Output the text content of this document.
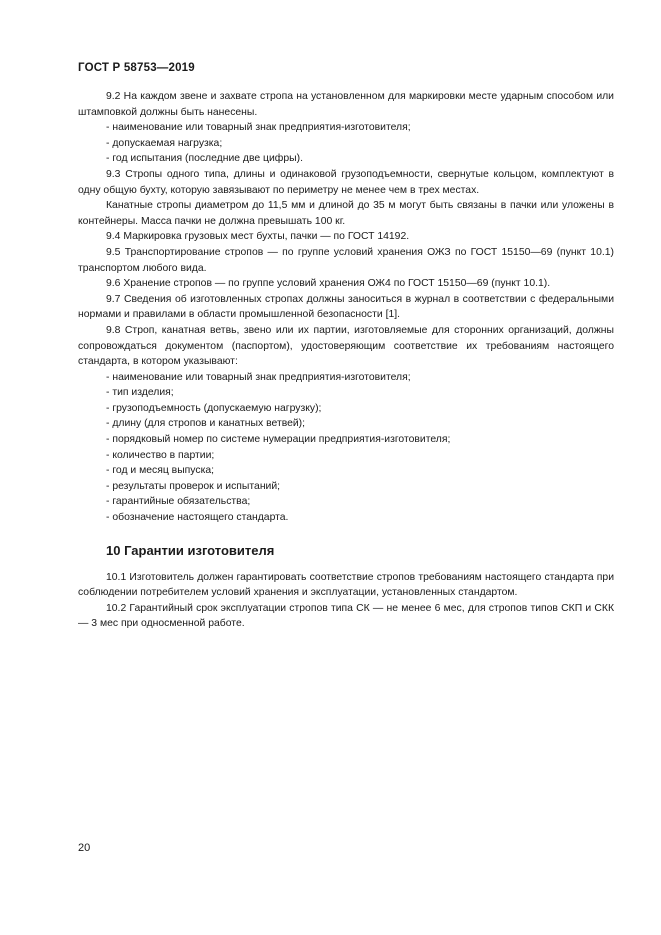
ГОСТ Р 58753—2019

9.2 На каждом звене и захвате стропа на установленном для маркировки месте ударным способом или штамповкой должны быть нанесены.

- наименование или товарный знак предприятия-изготовителя;

- допускаемая нагрузка;

- год испытания (последние две цифры).

9.3 Стропы одного типа, длины и одинаковой грузоподъемности, свернутые кольцом, комплектуют в одну общую бухту, которую завязывают по периметру не менее чем в трех местах.

Канатные стропы диаметром до 11,5 мм и длиной до 35 м могут быть связаны в пачки или уложены в контейнеры. Масса пачки не должна превышать 100 кг.

9.4 Маркировка грузовых мест бухты, пачки — по ГОСТ 14192.

9.5 Транспортирование стропов — по группе условий хранения ОЖЗ по ГОСТ 15150—69 (пункт 10.1) транспортом любого вида.

9.6 Хранение стропов — по группе условий хранения ОЖ4 по ГОСТ 15150—69 (пункт 10.1).

9.7 Сведения об изготовленных стропах должны заноситься в журнал в соответствии с федеральными нормами и правилами в области промышленной безопасности [1].

9.8 Строп, канатная ветвь, звено или их партии, изготовляемые для сторонних организаций, должны сопровождаться документом (паспортом), удостоверяющим соответствие их требованиям настоящего стандарта, в котором указывают:

- наименование или товарный знак предприятия-изготовителя;

- тип изделия;

- грузоподъемность (допускаемую нагрузку);

- длину (для стропов и канатных ветвей);

- порядковый номер по системе нумерации предприятия-изготовителя;

- количество в партии;

- год и месяц выпуска;

- результаты проверок и испытаний;

- гарантийные обязательства;

- обозначение настоящего стандарта.

10 Гарантии изготовителя

10.1 Изготовитель должен гарантировать соответствие стропов требованиям настоящего стандарта при соблюдении потребителем условий хранения и эксплуатации, установленных стандартом.

10.2 Гарантийный срок эксплуатации стропов типа СК — не менее 6 мес, для стропов типов СКП и СКК — 3 мес при односменной работе.

20
